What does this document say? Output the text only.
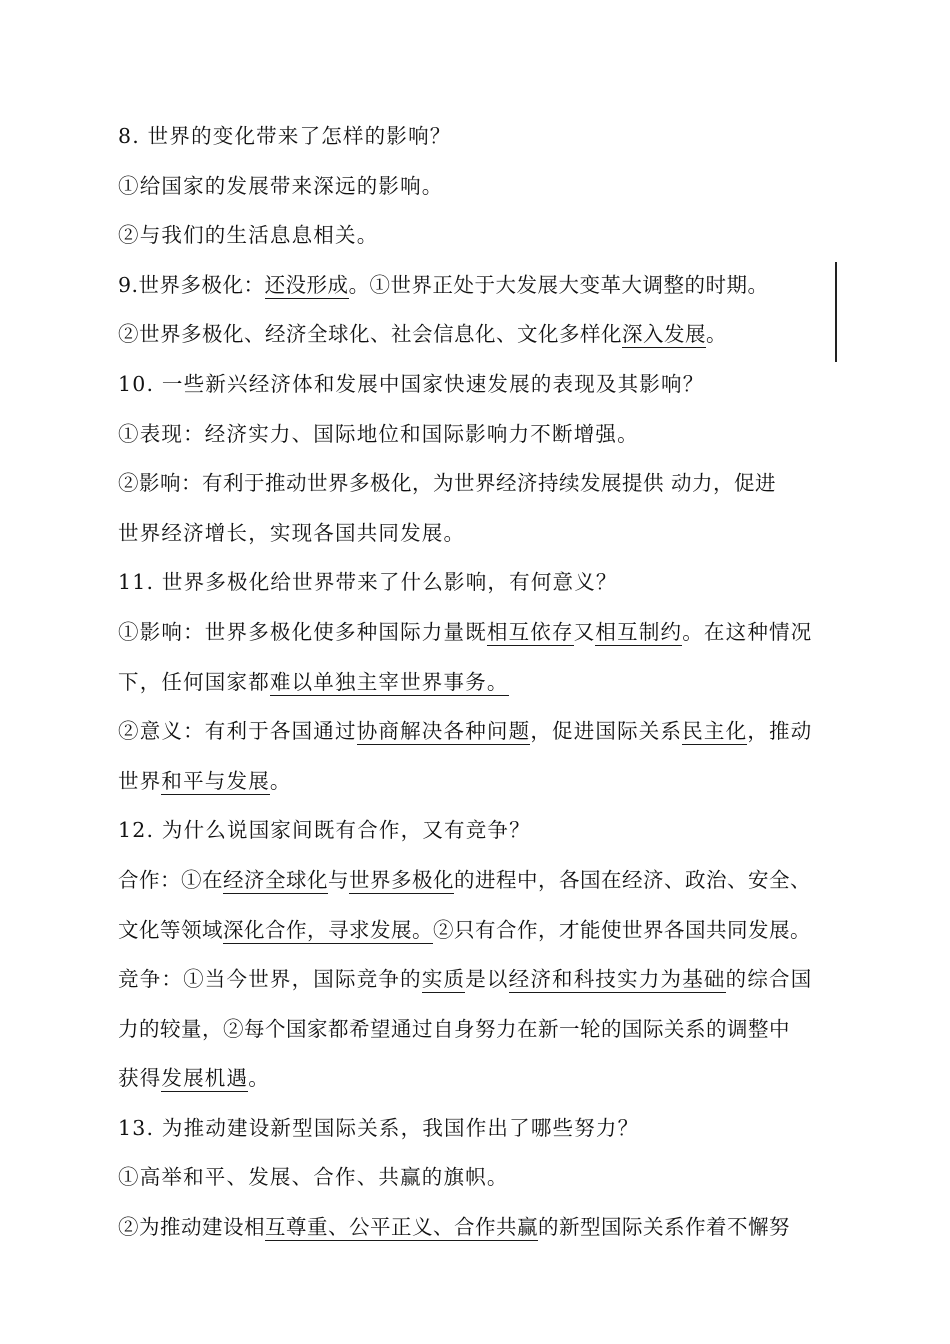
8. 世界的变化带来了怎样的影响？
①给国家的发展带来深远的影响。
②与我们的生活息息相关。
9.世界多极化：还没形成。①世界正处于大发展大变革大调整的时期。
②世界多极化、经济全球化、社会信息化、文化多样化深入发展。
10. 一些新兴经济体和发展中国家快速发展的表现及其影响？
①表现：经济实力、国际地位和国际影响力不断增强。
②影响：有利于推动世界多极化，为世界经济持续发展提供 动力，促进
世界经济增长，实现各国共同发展。
11. 世界多极化给世界带来了什么影响，有何意义？
①影响：世界多极化使多种国际力量既相互依存又相互制约。在这种情况
下，任何国家都难以单独主宰世界事务。
②意义：有利于各国通过协商解决各种问题，促进国际关系民主化，推动
世界和平与发展。
12. 为什么说国家间既有合作，又有竞争？
合作：①在经济全球化与世界多极化的进程中，各国在经济、政治、安全、
文化等领域深化合作，寻求发展。②只有合作，才能使世界各国共同发展。
竞争：①当今世界，国际竞争的实质是以经济和科技实力为基础的综合国
力的较量，②每个国家都希望通过自身努力在新一轮的国际关系的调整中
获得发展机遇。
13. 为推动建设新型国际关系，我国作出了哪些努力？
①高举和平、发展、合作、共赢的旗帜。
②为推动建设相互尊重、公平正义、合作共赢的新型国际关系作着不懈努
